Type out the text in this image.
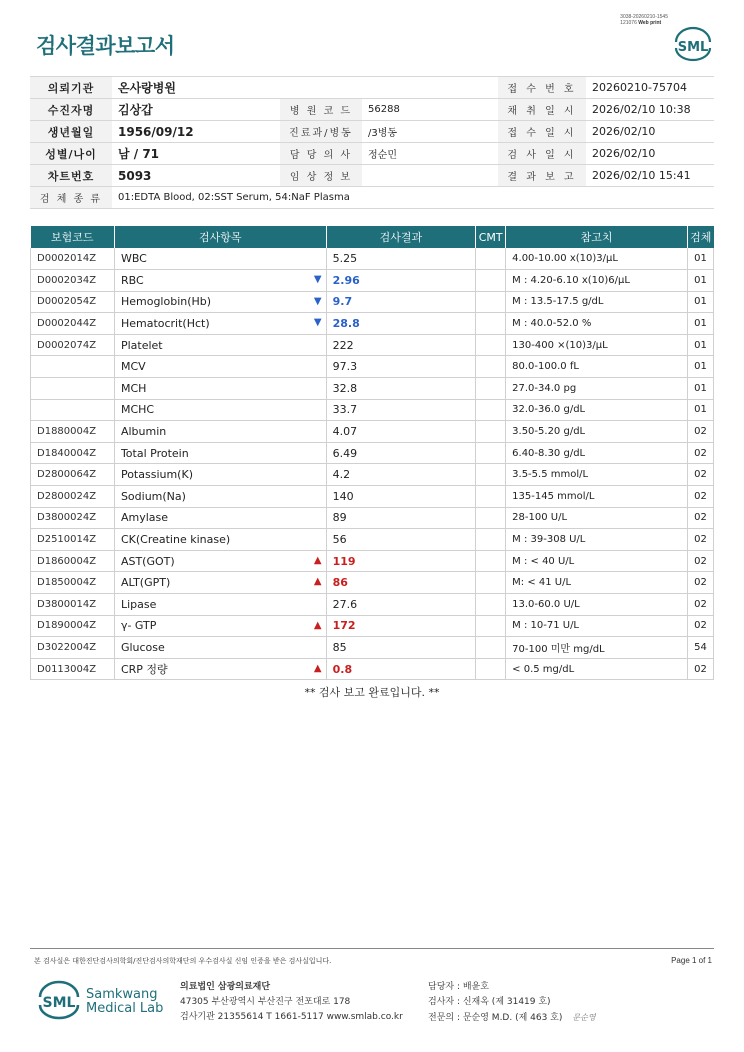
3038-20260210-1545
121076 Web print
검사결과보고서	SML
의뢰기관	온사랑병원			접 수 번 호	20260210-75704
수진자명	김상갑	병 원 코 드	56288	채 취 일 시	2026/02/10 10:38
생년월일	1956/09/12	진료과/병동	/3병동	접 수 일 시	2026/02/10
성별/나이	남 / 71	담 당 의 사	정순민	검 사 일 시	2026/02/10
차트번호	5093	임 상 정 보		결 과 보 고	2026/02/10 15:41
검 체 종 류	01:EDTA Blood, 02:SST Serum, 54:NaF Plasma				
보험코드	검사항목	검사결과	CMT	참고치	검체
D0002014Z	WBC	5.25		4.00-10.00 x(10)3/μL	01
D0002034Z	RBC ▼	2.96		M : 4.20-6.10 x(10)6/μL	01
D0002054Z	Hemoglobin(Hb) ▼	9.7		M : 13.5-17.5 g/dL	01
D0002044Z	Hematocrit(Hct) ▼	28.8		M : 40.0-52.0 %	01
D0002074Z	Platelet	222		130-400 ×(10)3/μL	01
	MCV	97.3		80.0-100.0 fL	01
	MCH	32.8		27.0-34.0 pg	01
	MCHC	33.7		32.0-36.0 g/dL	01
D1880004Z	Albumin	4.07		3.50-5.20 g/dL	02
D1840004Z	Total Protein	6.49		6.40-8.30 g/dL	02
D2800064Z	Potassium(K)	4.2		3.5-5.5 mmol/L	02
D2800024Z	Sodium(Na)	140		135-145 mmol/L	02
D3800024Z	Amylase	89		28-100 U/L	02
D2510014Z	CK(Creatine kinase)	56		M : 39-308 U/L	02
D1860004Z	AST(GOT) ▲	119		M : < 40 U/L	02
D1850004Z	ALT(GPT) ▲	86		M: < 41 U/L	02
D3800014Z	Lipase	27.6		13.0-60.0 U/L	02
D1890004Z	γ- GTP ▲	172		M : 10-71 U/L	02
D3022004Z	Glucose	85		70-100 미만 mg/dL	54
D0113004Z	CRP 정량 ▲	0.8		< 0.5 mg/dL	02
** 검사 보고 완료입니다. **
본 검사실은 대한진단검사의학회/진단검사의학재단의 우수검사실 신임 인증을 받은 검사실입니다.	Page 1 of 1
SML
Samkwang
Medical Lab
의료법인 삼광의료재단
47305 부산광역시 부산진구 전포대로 178
검사기관 21355614 T 1661-5117 www.smlab.co.kr
담당자 : 배윤호
검사자 : 신재옥 (제 31419 호)
전문의 : 문순영 M.D. (제 463 호) 문순영
